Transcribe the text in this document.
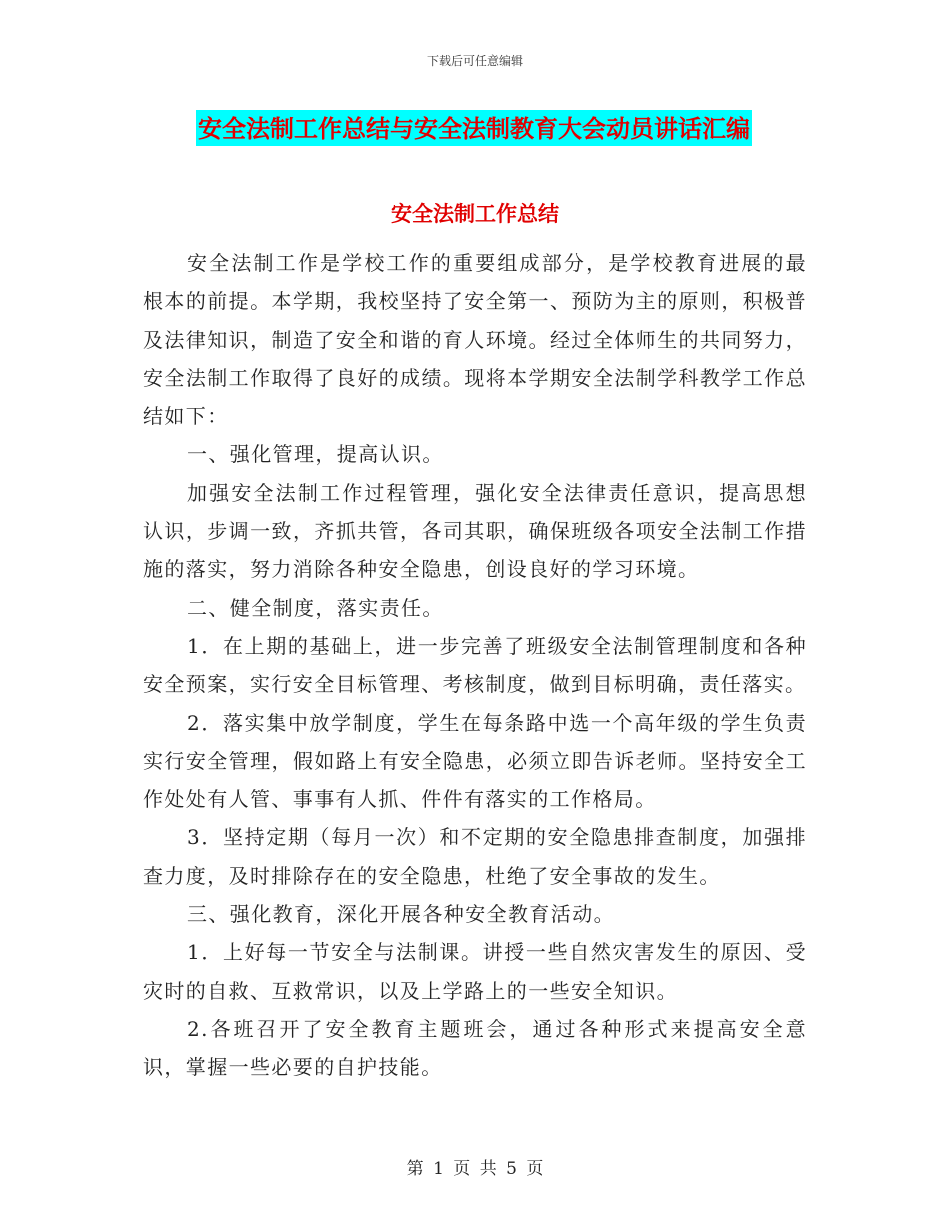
下载后可任意编辑
安全法制工作总结与安全法制教育大会动员讲话汇编
安全法制工作总结

安全法制工作是学校工作的重要组成部分，是学校教育进展的最根本的前提。本学期，我校坚持了安全第一、预防为主的原则，积极普及法律知识，制造了安全和谐的育人环境。经过全体师生的共同努力，安全法制工作取得了良好的成绩。现将本学期安全法制学科教学工作总结如下：

一、强化管理，提高认识。

加强安全法制工作过程管理，强化安全法律责任意识，提高思想认识，步调一致，齐抓共管，各司其职，确保班级各项安全法制工作措施的落实，努力消除各种安全隐患，创设良好的学习环境。

二、健全制度，落实责任。

1．在上期的基础上，进一步完善了班级安全法制管理制度和各种安全预案，实行安全目标管理、考核制度，做到目标明确，责任落实。

2．落实集中放学制度，学生在每条路中选一个高年级的学生负责实行安全管理，假如路上有安全隐患，必须立即告诉老师。坚持安全工作处处有人管、事事有人抓、件件有落实的工作格局。

3．坚持定期（每月一次）和不定期的安全隐患排查制度，加强排查力度，及时排除存在的安全隐患，杜绝了安全事故的发生。

三、强化教育，深化开展各种安全教育活动。

1．上好每一节安全与法制课。讲授一些自然灾害发生的原因、受灾时的自救、互救常识，以及上学路上的一些安全知识。

2.各班召开了安全教育主题班会，通过各种形式来提高安全意识，掌握一些必要的自护技能。

第 1 页 共 5 页
